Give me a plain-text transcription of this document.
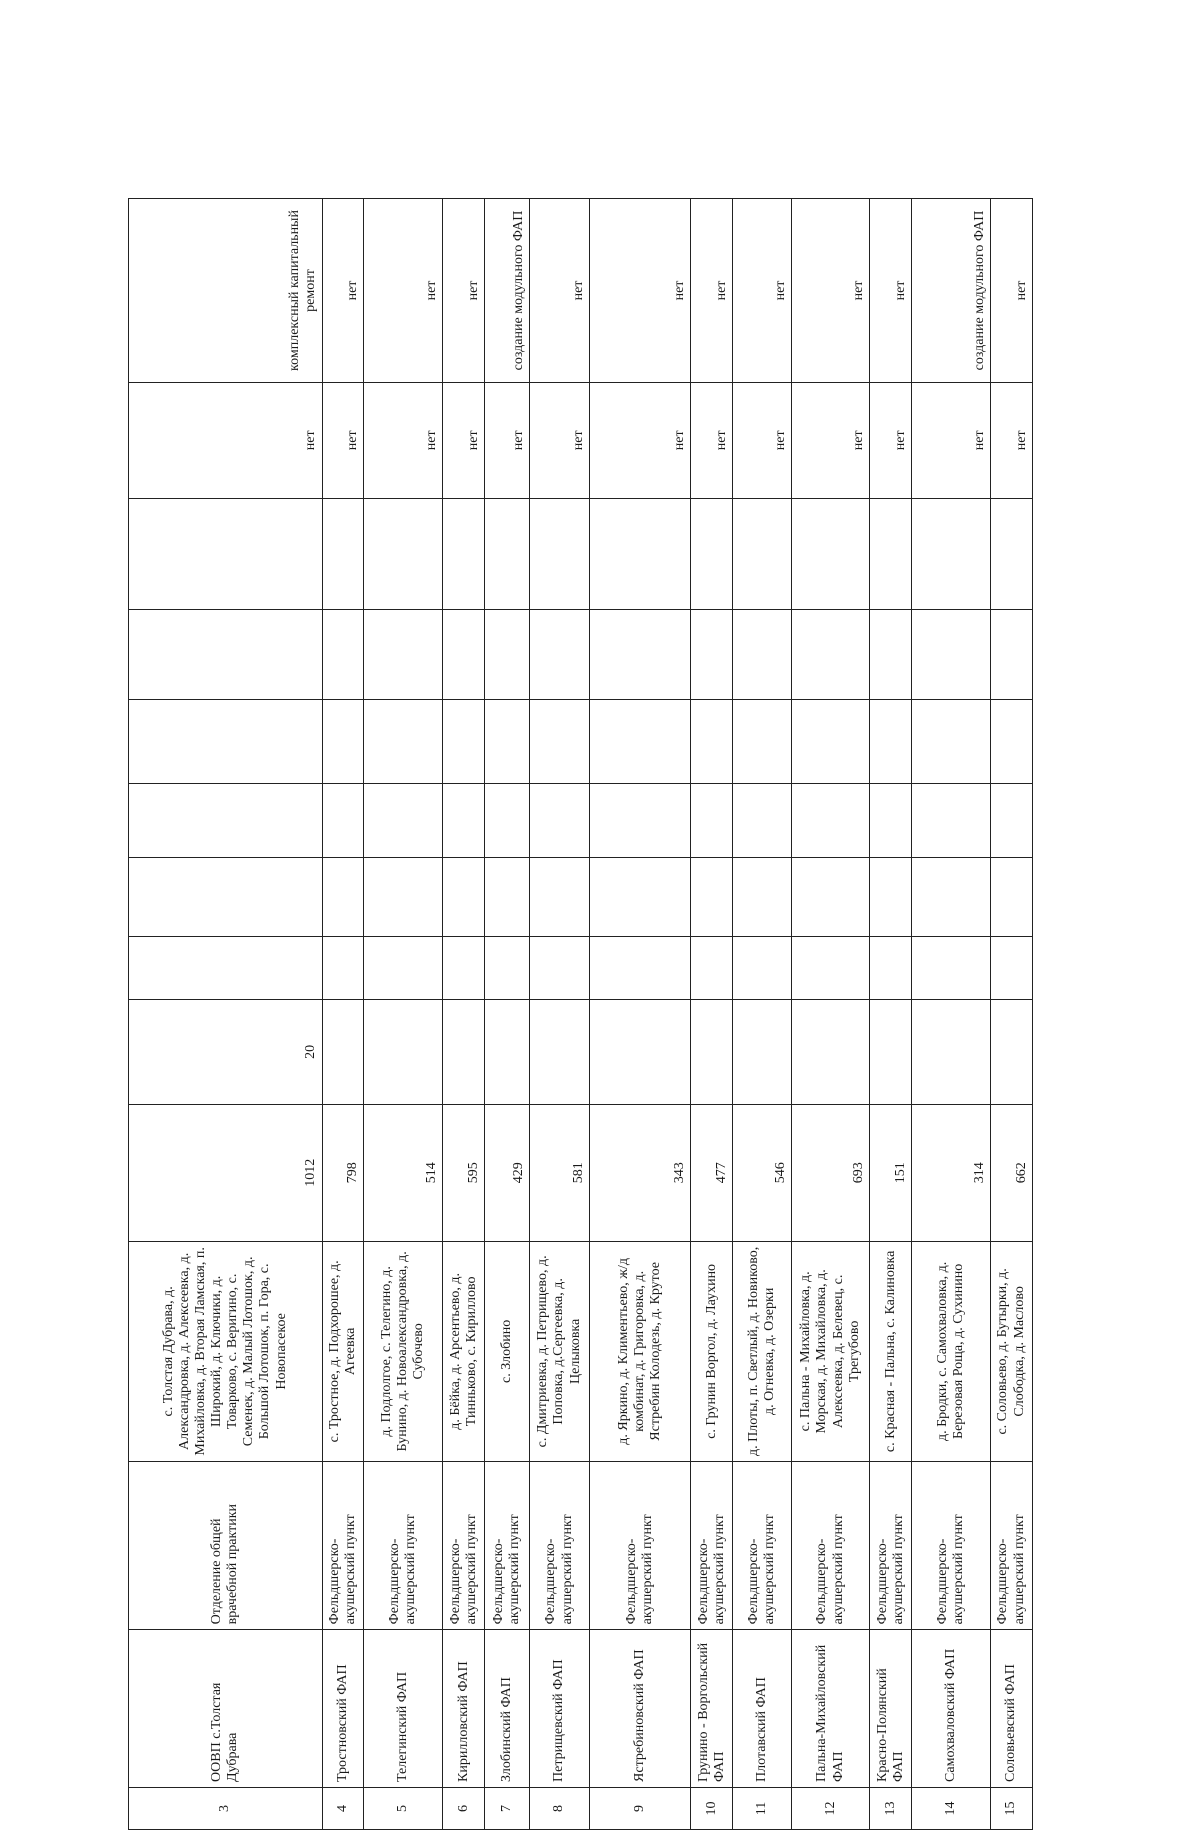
3	ООВП с.Толстая Дубрава	Отделение общей врачебной практики	с. Толстая Дубрава, д. Александровка, д. Алексеевка, д. Михайловка, д. Вторая Ламская, п. Широкий, д. Ключики, д. Товарково, с. Веригино, с. Семенек, д. Малый Лотошок, д. Большой Лотошок, п. Гора, с. Новопасекое	1012	20							нет	комплексный капитальный ремонт
4	Тростновский ФАП	Фельдшерско-акушерский пункт	с. Тростное, д. Подхорошее, д. Агеевка	798								нет	нет
5	Телегинский ФАП	Фельдшерско-акушерский пункт	д. Подлолгое, с. Телегино, д. Бунино, д. Новоалександровка, д. Субочево	514								нет	нет
6	Кирилловский ФАП	Фельдшерско-акушерский пункт	д. Бёйка, д. Арсентьево, д. Тинньково, с. Кириллово	595								нет	нет
7	Злобинский ФАП	Фельдшерско-акушерский пункт	с. Злобино	429								нет	создание модульного ФАП
8	Петрищевский ФАП	Фельдшерско-акушерский пункт	с. Дмитриевка, д. Петрищево, д. Поповка, д.Сергеевка, д. Целыковка	581								нет	нет
9	Ястребиновский ФАП	Фельдшерско-акушерский пункт	д. Яркино, д. Климентьево, ж/д комбинат, д. Григоровка, д. Ястребин Колодезь, д. Крутое	343								нет	нет
10	Грунино - Воргольский ФАП	Фельдшерско-акушерский пункт	с. Грунин Воргол, д. Лаухино	477								нет	нет
11	Плотавский ФАП	Фельдшерско-акушерский пункт	д. Плоты, п. Светлый, д. Новиково, д. Огневка, д. Озерки	546								нет	нет
12	Пальна-Михайловский ФАП	Фельдшерско-акушерский пункт	с. Пальна - Михайловка, д. Морская, д. Михайловка, д. Алексеевка, д. Белевец, с. Трегубово	693								нет	нет
13	Красно-Полянский ФАП	Фельдшерско-акушерский пункт	с. Красная - Пальна, с. Калиновка	151								нет	нет
14	Самохваловский ФАП	Фельдшерско-акушерский пункт	д. Бродки, с. Самохваловка, д. Березовая Роща, д. Сухинино	314								нет	создание модульного ФАП
15	Соловьевский ФАП	Фельдшерско-акушерский пункт	с. Соловьево, д. Бутырки, д. Слободка, д. Маслово	662								нет	нет
